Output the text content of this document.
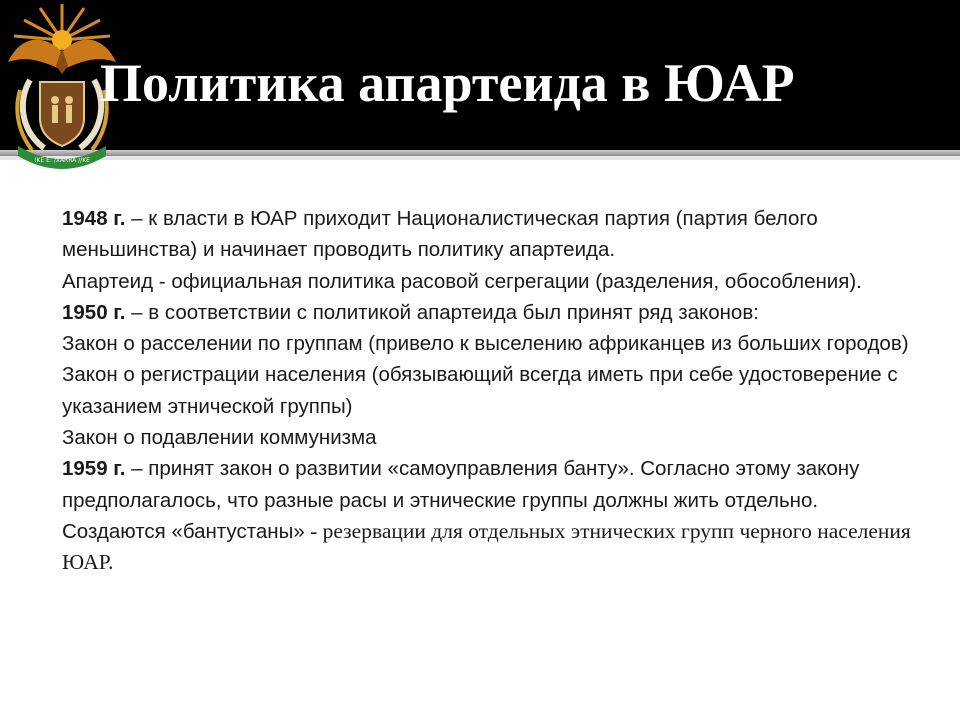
!KE E: /XARRA //KE
Политика апартеида в ЮАР

1948 г. – к власти в ЮАР приходит Националистическая партия (партия белого меньшинства) и начинает проводить политику апартеида.

Апартеид - официальная политика расовой сегрегации (разделения, обособления).

1950 г. – в соответствии с политикой апартеида был принят ряд законов:

Закон о расселении по группам (привело к выселению африканцев из больших городов)

Закон о регистрации населения (обязывающий всегда иметь при себе удостоверение с указанием этнической группы)

Закон о подавлении коммунизма

1959 г. – принят закон о развитии «самоуправления банту». Согласно этому закону предполагалось, что разные расы и этнические группы должны жить отдельно. Создаются «бантустаны» - резервации для отдельных этнических групп черного населения ЮАР.
